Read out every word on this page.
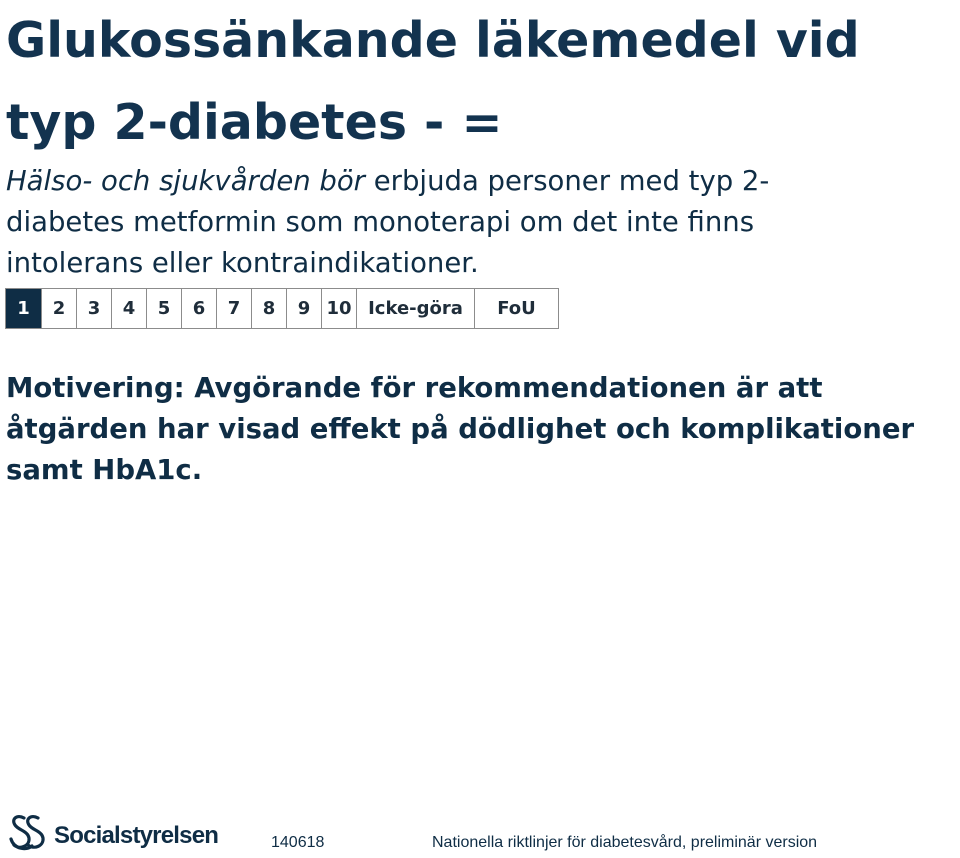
Glukossänkande läkemedel vid
typ 2-diabetes - =

Hälso- och sjukvården bör erbjuda personer med typ 2-
diabetes metformin som monoterapi om det inte finns
intolerans eller kontraindikationer.

1	2	3	4	5	6	7	8	9 10 Icke-göra	FoU

Motivering: Avgörande för rekommendationen är att
åtgärden har visad effekt på dödlighet och komplikationer
samt HbA1c.

Socialstyrelsen	140618	Nationella riktlinjer för diabetesvård, preliminär version
